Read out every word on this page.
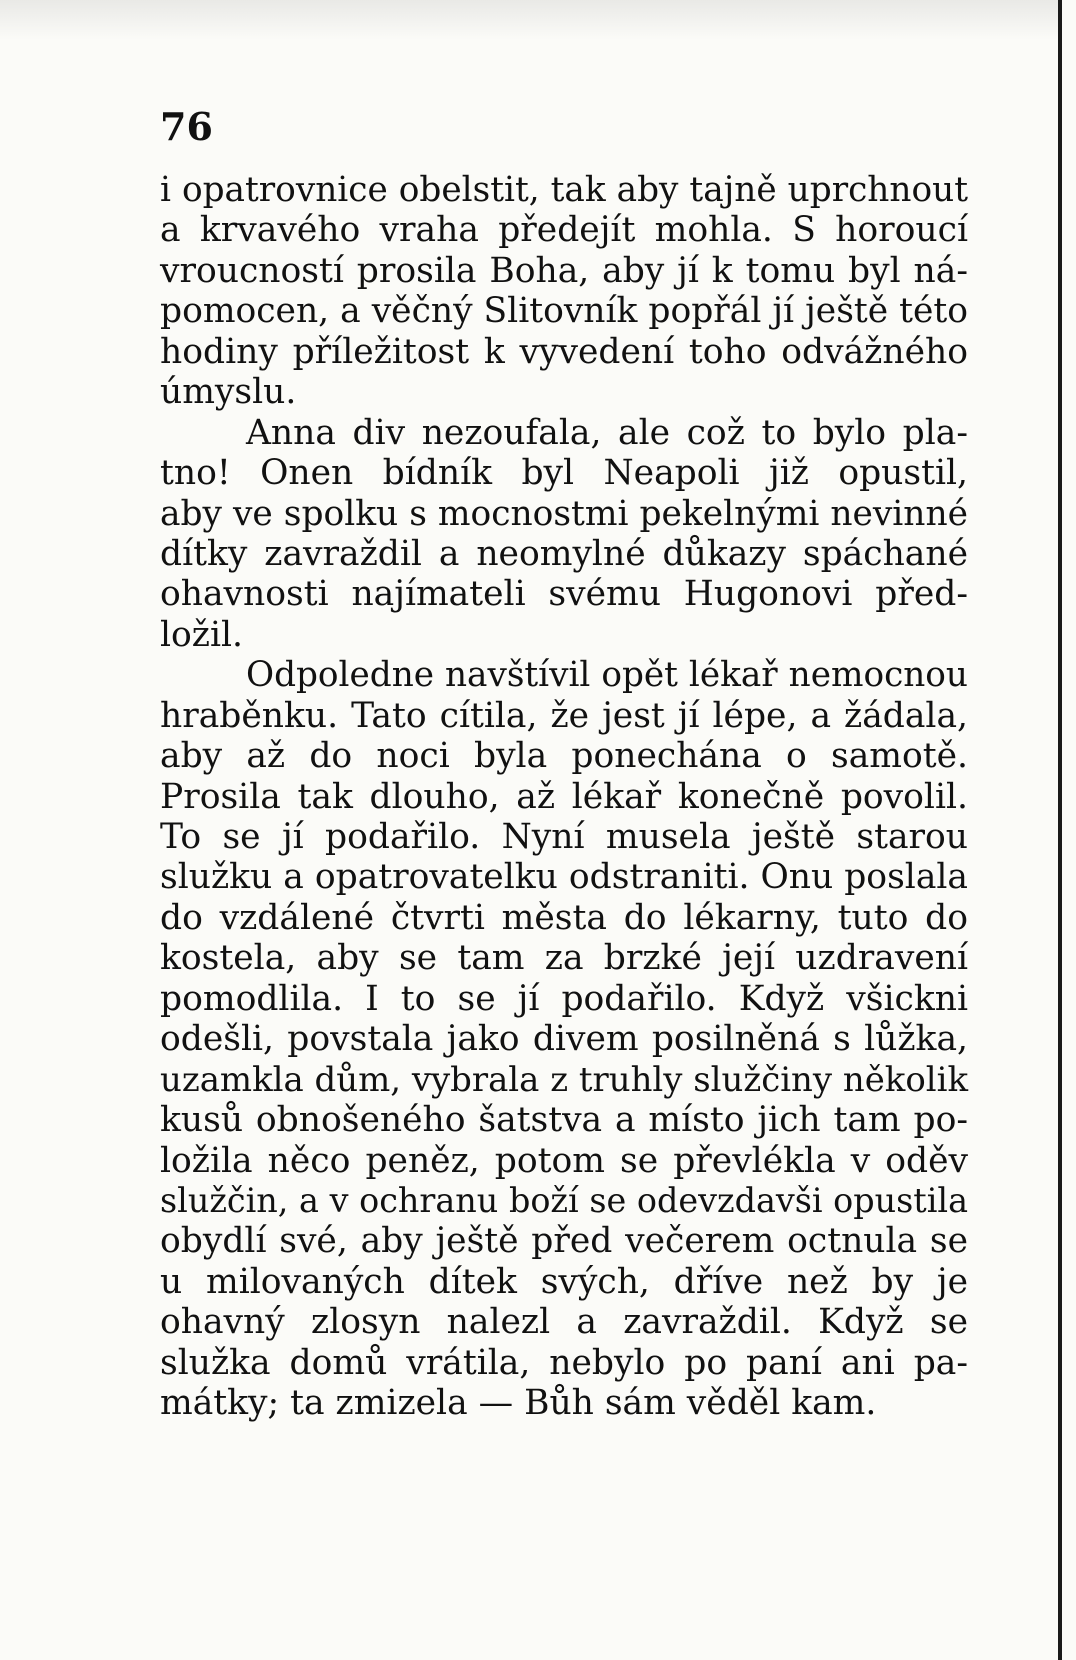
76
i opatrovnice obelstit, tak aby tajně uprchnout
a krvavého vraha předejít mohla. S horoucí
vroucností prosila Boha, aby jí k tomu byl ná-
pomocen, a věčný Slitovník popřál jí ještě této
hodiny příležitost k vyvedení toho odvážného
úmyslu.
Anna div nezoufala, ale což to bylo pla-
tno! Onen bídník byl Neapoli již opustil,
aby ve spolku s mocnostmi pekelnými nevinné
dítky zavraždil a neomylné důkazy spáchané
ohavnosti najímateli svému Hugonovi před-
ložil.
Odpoledne navštívil opět lékař nemocnou
hraběnku. Tato cítila, že jest jí lépe, a žádala,
aby až do noci byla ponechána o samotě.
Prosila tak dlouho, až lékař konečně povolil.
To se jí podařilo. Nyní musela ještě starou
služku a opatrovatelku odstraniti. Onu poslala
do vzdálené čtvrti města do lékarny, tuto do
kostela, aby se tam za brzké její uzdravení
pomodlila. I to se jí podařilo. Když všickni
odešli, povstala jako divem posilněná s lůžka,
uzamkla dům, vybrala z truhly služčiny několik
kusů obnošeného šatstva a místo jich tam po-
ložila něco peněz, potom se převlékla v oděv
služčin, a v ochranu boží se odevzdavši opustila
obydlí své, aby ještě před večerem octnula se
u milovaných dítek svých, dříve než by je
ohavný zlosyn nalezl a zavraždil. Když se
služka domů vrátila, nebylo po paní ani pa-
mátky; ta zmizela — Bůh sám věděl kam.
